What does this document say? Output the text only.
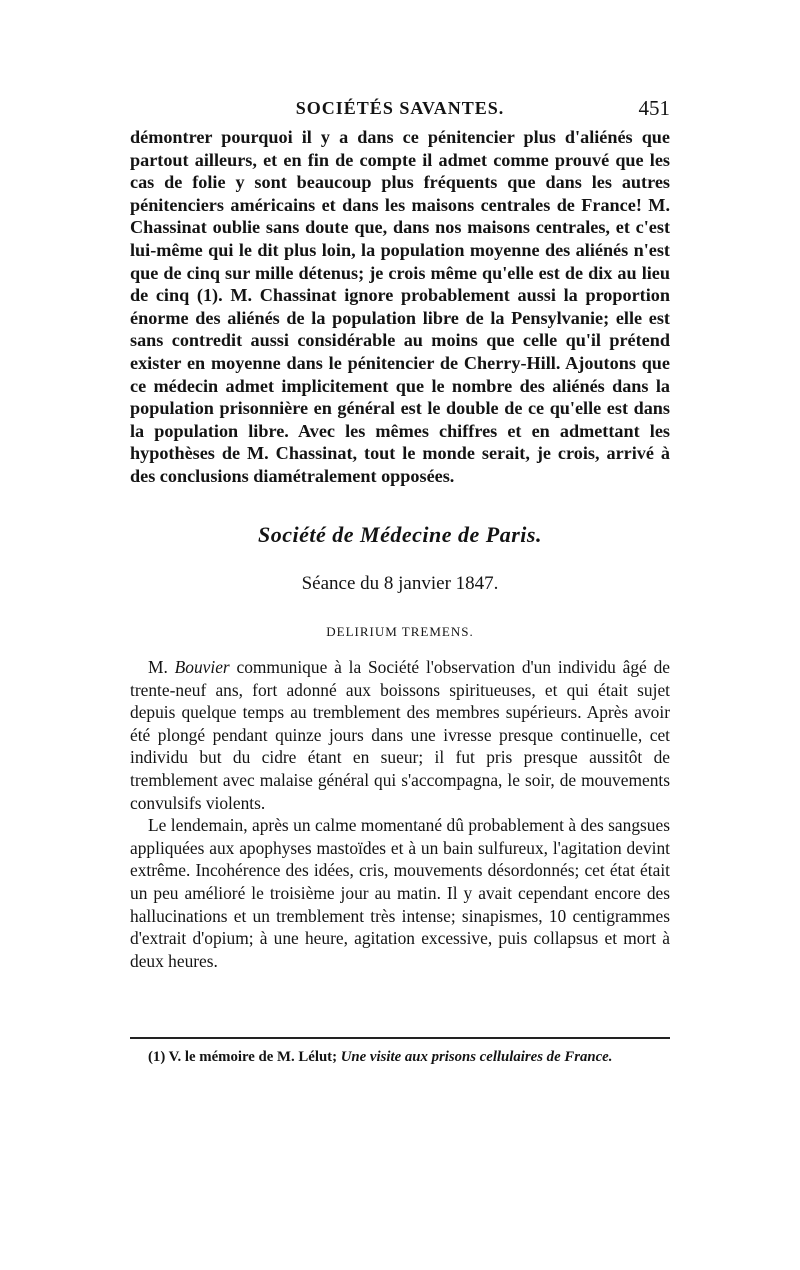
SOCIÉTÉS SAVANTES.	451

démontrer pourquoi il y a dans ce pénitencier plus d'aliénés que partout ailleurs, et en fin de compte il admet comme prouvé que les cas de folie y sont beaucoup plus fréquents que dans les autres pénitenciers américains et dans les maisons centrales de France! M. Chassinat oublie sans doute que, dans nos maisons centrales, et c'est lui-même qui le dit plus loin, la population moyenne des aliénés n'est que de cinq sur mille détenus; je crois même qu'elle est de dix au lieu de cinq (1). M. Chassinat ignore probablement aussi la proportion énorme des aliénés de la population libre de la Pensylvanie; elle est sans contredit aussi considérable au moins que celle qu'il prétend exister en moyenne dans le pénitencier de Cherry-Hill. Ajoutons que ce médecin admet implicitement que le nombre des aliénés dans la population prisonnière en général est le double de ce qu'elle est dans la population libre. Avec les mêmes chiffres et en admettant les hypothèses de M. Chassinat, tout le monde serait, je crois, arrivé à des conclusions diamétralement opposées.

Société de Médecine de Paris.
Séance du 8 janvier 1847.
DELIRIUM TREMENS.

M. Bouvier communique à la Société l'observation d'un individu âgé de trente-neuf ans, fort adonné aux boissons spiritueuses, et qui était sujet depuis quelque temps au tremblement des membres supérieurs. Après avoir été plongé pendant quinze jours dans une ivresse presque continuelle, cet individu but du cidre étant en sueur; il fut pris presque aussitôt de tremblement avec malaise général qui s'accompagna, le soir, de mouvements convulsifs violents.

Le lendemain, après un calme momentané dû probablement à des sangsues appliquées aux apophyses mastoïdes et à un bain sulfureux, l'agitation devint extrême. Incohérence des idées, cris, mouvements désordonnés; cet état était un peu amélioré le troisième jour au matin. Il y avait cependant encore des hallucinations et un tremblement très intense; sinapismes, 10 centigrammes d'extrait d'opium; à une heure, agitation excessive, puis collapsus et mort à deux heures.

(1) V. le mémoire de M. Lélut; Une visite aux prisons cellulaires de France.
